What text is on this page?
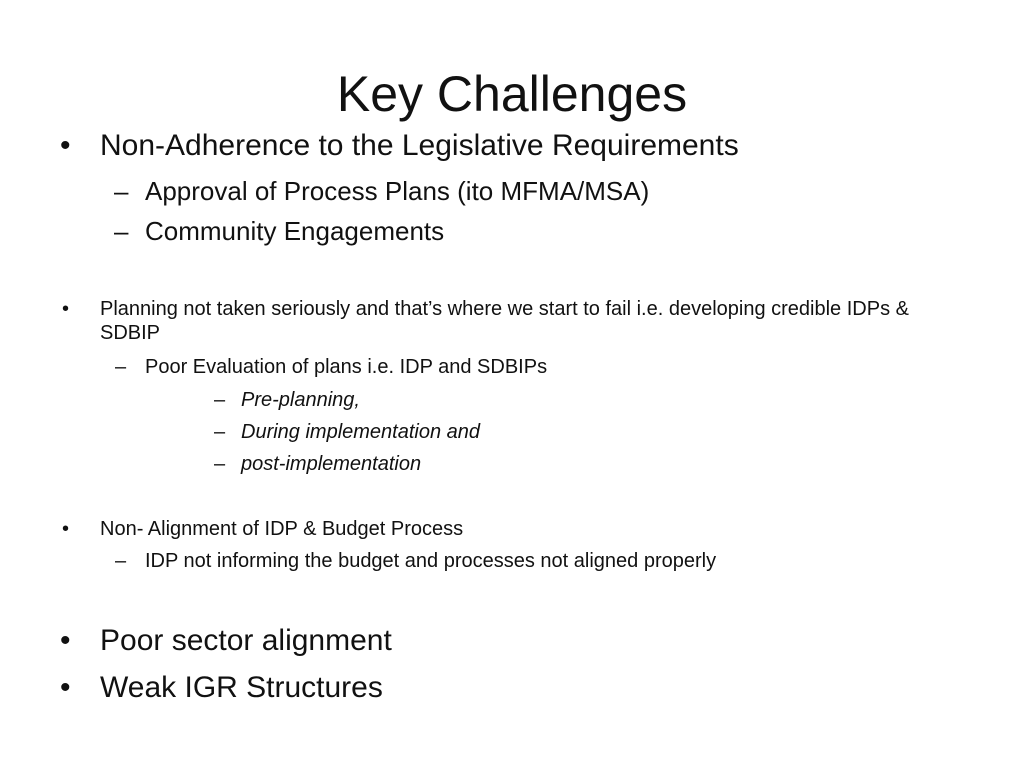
Key Challenges
• Non-Adherence to the Legislative Requirements
– Approval of Process Plans (ito MFMA/MSA)
– Community Engagements
• Planning not taken seriously and that’s where we start to fail i.e. developing credible IDPs & SDBIP
– Poor Evaluation of plans i.e. IDP and SDBIPs
– Pre-planning,
– During implementation and
– post-implementation
• Non- Alignment of IDP & Budget Process
– IDP not informing the budget and processes not aligned properly
• Poor sector alignment
• Weak IGR Structures
